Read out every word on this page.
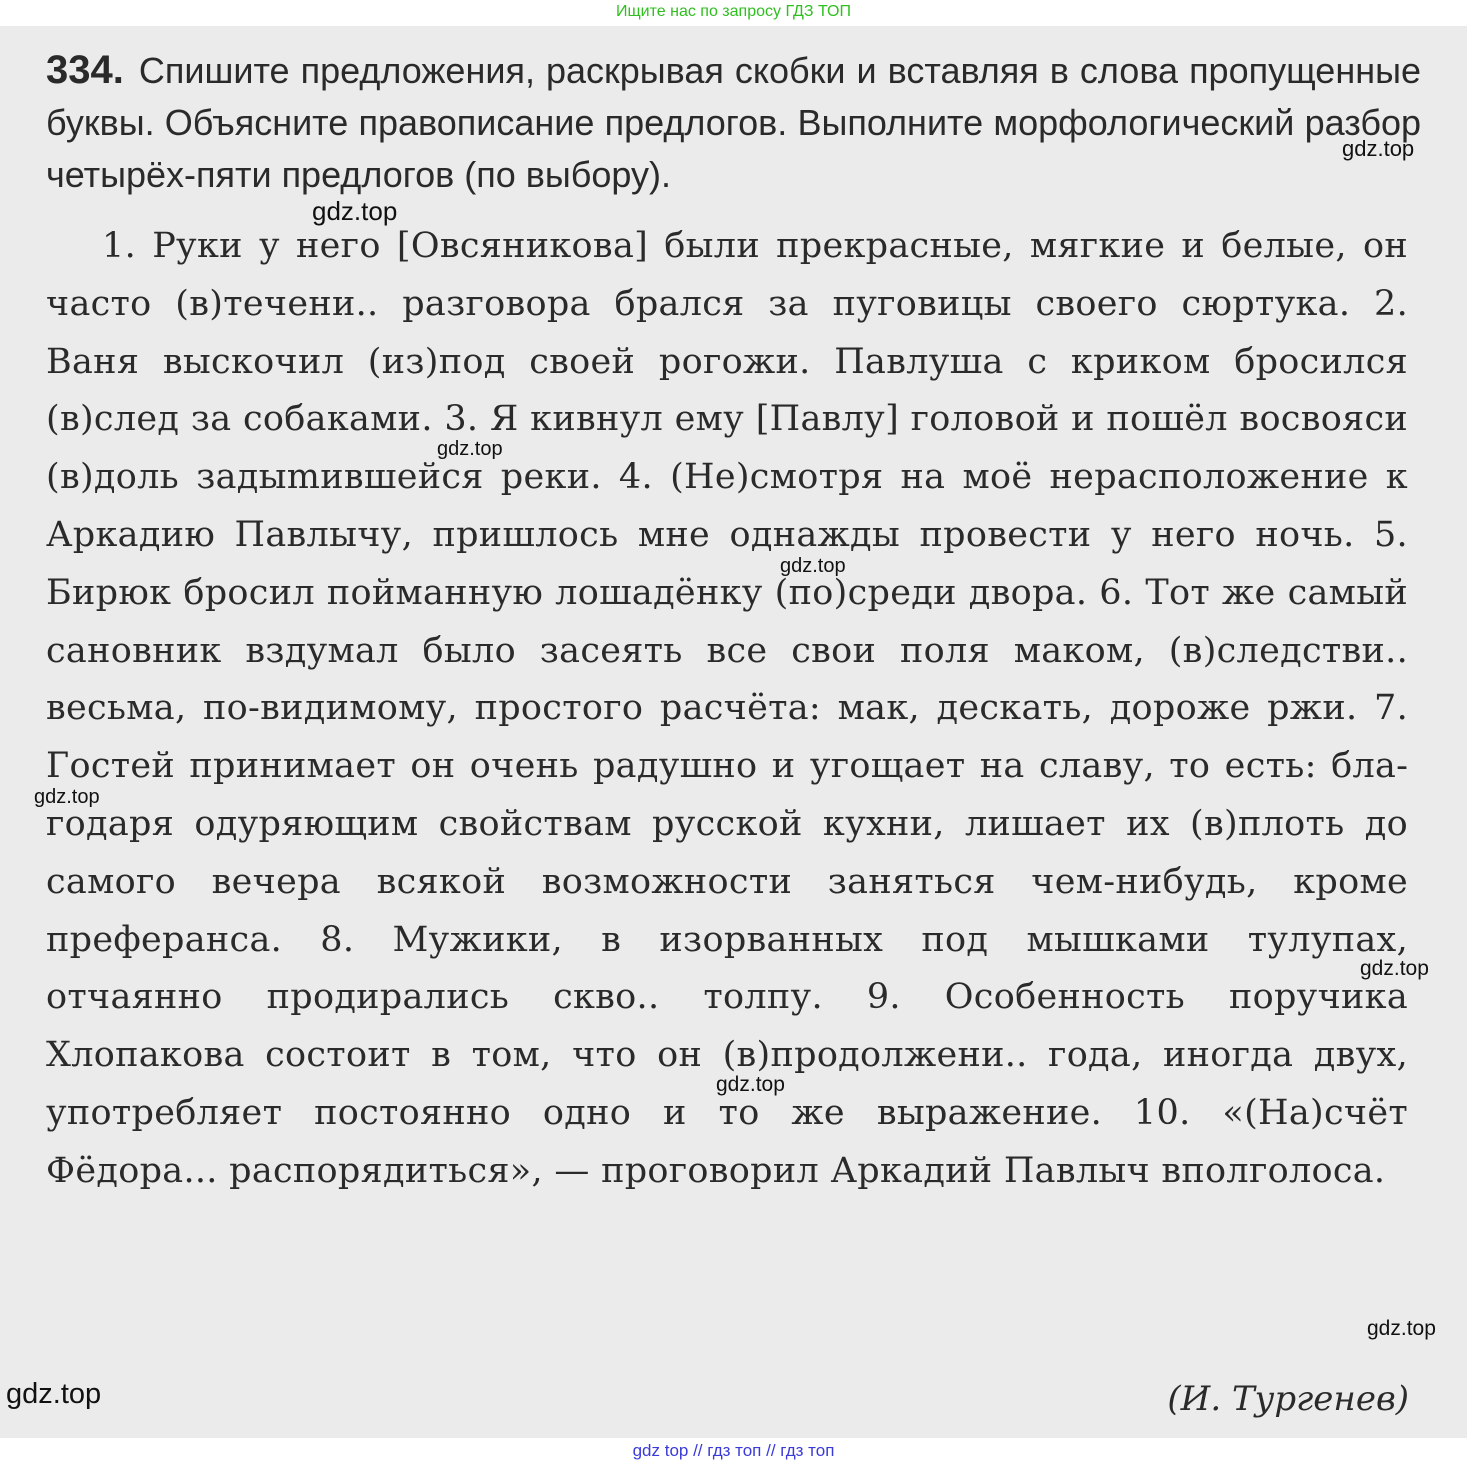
Ищите нас по запросу ГДЗ ТОП
334. Спишите предложения, раскрывая скобки и вставляя в слова пропущенные буквы. Объясните правописание предлогов. Выполните морфологический разбор четырёх-пяти предлогов (по выбору).
1. Руки у него [Овсяникова] были прекрасные, мягкие и белые, он часто (в)течени.. разговора брался за пуговицы своего сюртука. 2. Ваня выскочил (из)под своей рогожи. Павлуша с криком бросился (в)след за собаками. 3. Я кивнул ему [Павлу] головой и пошёл восвояси (в)доль задыmившейся реки. 4. (Не)смотря на моё нерасположение к Аркадию Павлычу, пришлось мне однажды провести у него ночь. 5. Бирюк бросил пойманную лошадёнку (по)среди двора. 6. Тот же самый сановник вздумал было засеять все свои поля маком, (в)следстви.. весьма, по-видимому, простого расчёта: мак, дескать, дороже ржи. 7. Гостей принимает он очень радушно и угощает на славу, то есть: благодаря одуряющим свойствам русской кухни, лишает их (в)плоть до самого вечера всякой возможности заняться чем-нибудь, кроме преферанса. 8. Мужики, в изорванных под мышками тулупах, отчаянно продирались скво.. толпу. 9. Особенность поручика Хлопакова состоит в том, что он (в)продолжени.. года, иногда двух, употребляет постоянно одно и то же выражение. 10. «(На)счёт Фёдора... распорядиться», — проговорил Аркадий Павлыч вполголоса.
(И. Тургенев)
gdz.top
gdz.top
gdz.top
gdz.top
gdz.top
gdz.top
gdz.top
gdz.top
gdz.top
gdz top // гдз топ // гдз топ
